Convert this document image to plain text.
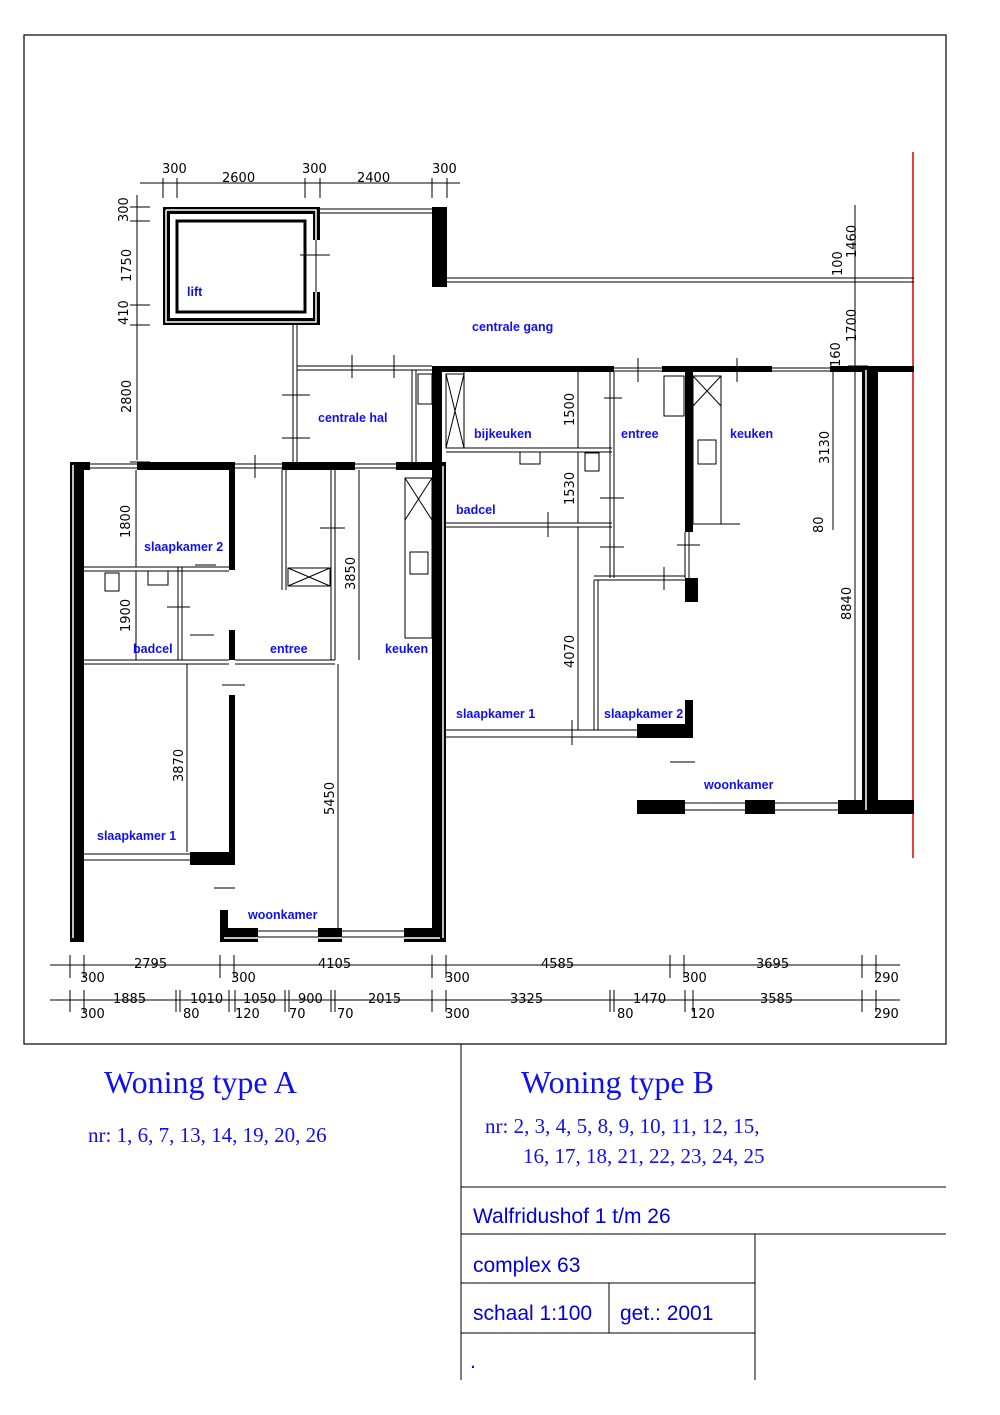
lift
centrale gang
centrale hal
bijkeuken	entree	keuken
badcel
slaapkamer 2
badcel	entree	keuken
slaapkamer 1	slaapkamer 2
woonkamer
slaapkamer 1
woonkamer
300
2600
300
2400
300
300
1750
410
2800
1460
100
1700
160
1800
1900
3850
3870
5450
1500
1530
4070
3130
80
8840
300
2795
300
4105
300
4585
300
3695
290
300
1885	1010
80
1050
120
900
70 70
2015
300
3325
80
1470
120
3585
290
Woning type A
nr: 1, 6, 7, 13, 14, 19, 20, 26
Woning type B
nr: 2, 3, 4, 5, 8, 9, 10, 11, 12, 15,
16, 17, 18, 21, 22, 23, 24, 25
Walfridushof 1 t/m 26
complex 63
schaal 1:100 get.: 2001
.
